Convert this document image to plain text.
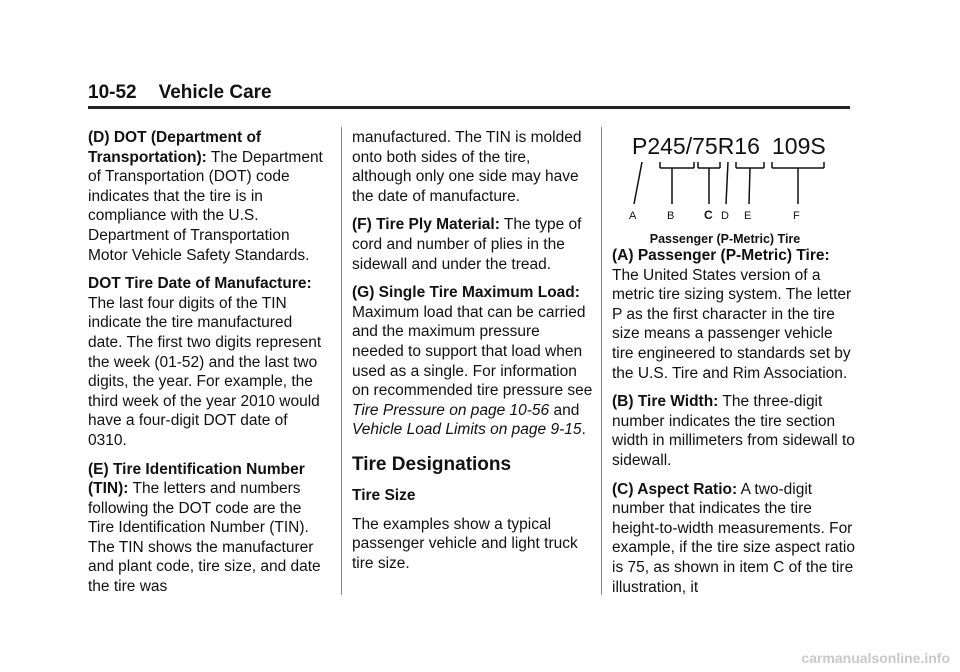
10-52 Vehicle Care

(D) DOT (Department of Transportation): The Department of Transportation (DOT) code indicates that the tire is in compliance with the U.S. Department of Transportation Motor Vehicle Safety Standards.

DOT Tire Date of Manufacture: The last four digits of the TIN indicate the tire manufactured date. The first two digits represent the week (01-52) and the last two digits, the year. For example, the third week of the year 2010 would have a four-digit DOT date of 0310.

(E) Tire Identification Number (TIN): The letters and numbers following the DOT code are the Tire Identification Number (TIN). The TIN shows the manufacturer and plant code, tire size, and date the tire was

manufactured. The TIN is molded onto both sides of the tire, although only one side may have the date of manufacture.

(F) Tire Ply Material: The type of cord and number of plies in the sidewall and under the tread.

(G) Single Tire Maximum Load: Maximum load that can be carried and the maximum pressure needed to support that load when used as a single. For information on recommended tire pressure see Tire Pressure on page 10-56 and Vehicle Load Limits on page 9-15.

Tire Designations

Tire Size

The examples show a typical passenger vehicle and light truck tire size.

P245/75R16 109S
A	B C D E	F
Passenger (P-Metric) Tire

(A) Passenger (P-Metric) Tire: The United States version of a metric tire sizing system. The letter P as the first character in the tire size means a passenger vehicle tire engineered to standards set by the U.S. Tire and Rim Association.

(B) Tire Width: The three-digit number indicates the tire section width in millimeters from sidewall to sidewall.

(C) Aspect Ratio: A two-digit number that indicates the tire height-to-width measurements. For example, if the tire size aspect ratio is 75, as shown in item C of the tire illustration, it

carmanualsonline.info
